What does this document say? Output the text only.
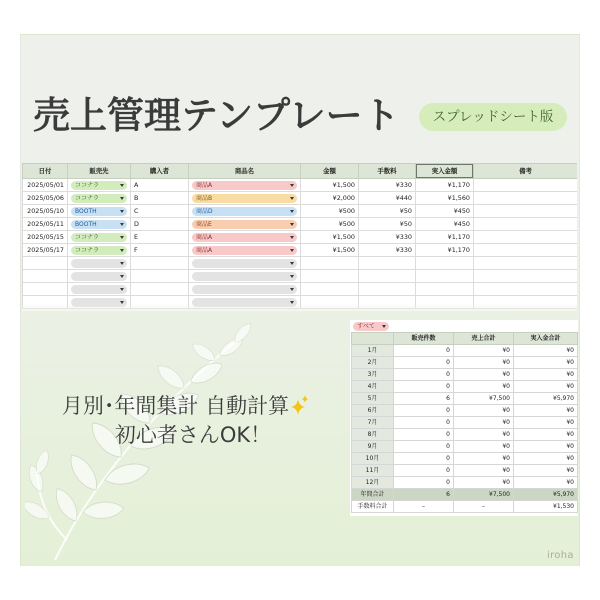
売上管理テンプレート	スプレッドシート版
日付	販売先	購入者	商品名	金額	手数料	実入金額	備考
2025/05/01	ココナラ	A	商品A	¥1,500	¥330	¥1,170	
2025/05/06	ココナラ	B	商品B	¥2,000	¥440	¥1,560	
2025/05/10	BOOTH	C	商品D	¥500	¥50	¥450	
2025/05/11	BOOTH	D	商品E	¥500	¥50	¥450	
2025/05/15	ココナラ	E	商品A	¥1,500	¥330	¥1,170	
2025/05/17	ココナラ	F	商品A	¥1,500	¥330	¥1,170	

月別･年間集計 自動計算
初心者さんOK！
すべて
	販売件数	売上合計	実入金合計
1月	0	¥0	¥0
2月	0	¥0	¥0
3月	0	¥0	¥0
4月	0	¥0	¥0
5月	6	¥7,500	¥5,970
6月	0	¥0	¥0
7月	0	¥0	¥0
8月	0	¥0	¥0
9月	0	¥0	¥0
10月	0	¥0	¥0
11月	0	¥0	¥0
12月	0	¥0	¥0
年間合計	6	¥7,500	¥5,970
手数料合計	–	–	¥1,530
iroha
